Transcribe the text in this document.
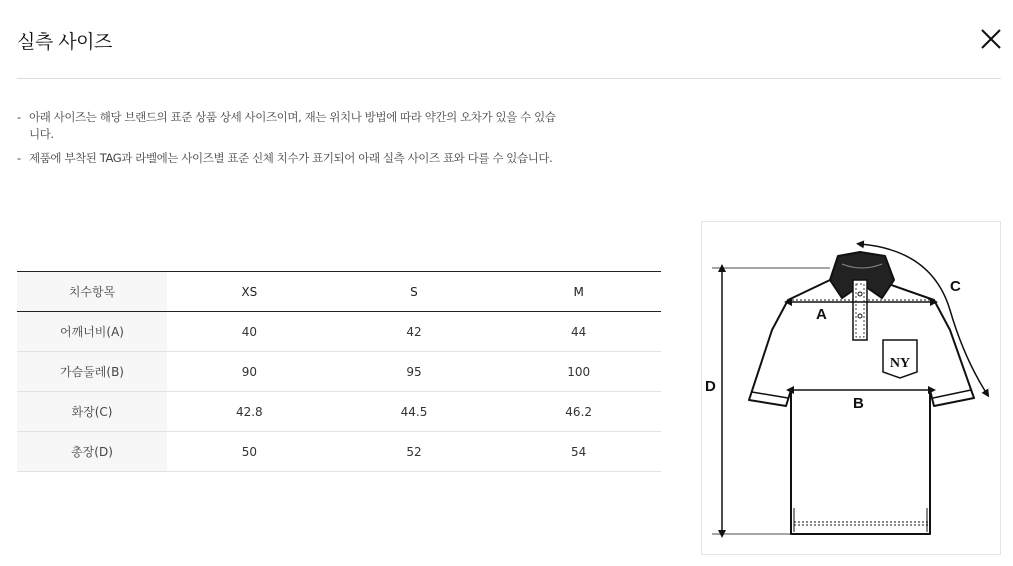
실측 사이즈
- 아래 사이즈는 해당 브랜드의 표준 상품 상세 사이즈이며, 재는 위치나 방법에 따라 약간의 오차가 있을 수 있습니다.
- 제품에 부착된 TAG과 라벨에는 사이즈별 표준 신체 치수가 표기되어 아래 실측 사이즈 표와 다를 수 있습니다.
치수항목	XS	S	M
어깨너비(A)	40	42	44
가슴둘레(B)	90	95	100
화장(C)	42.8	44.5	46.2
총장(D)	50	52	54
NY
A
B
C
D
